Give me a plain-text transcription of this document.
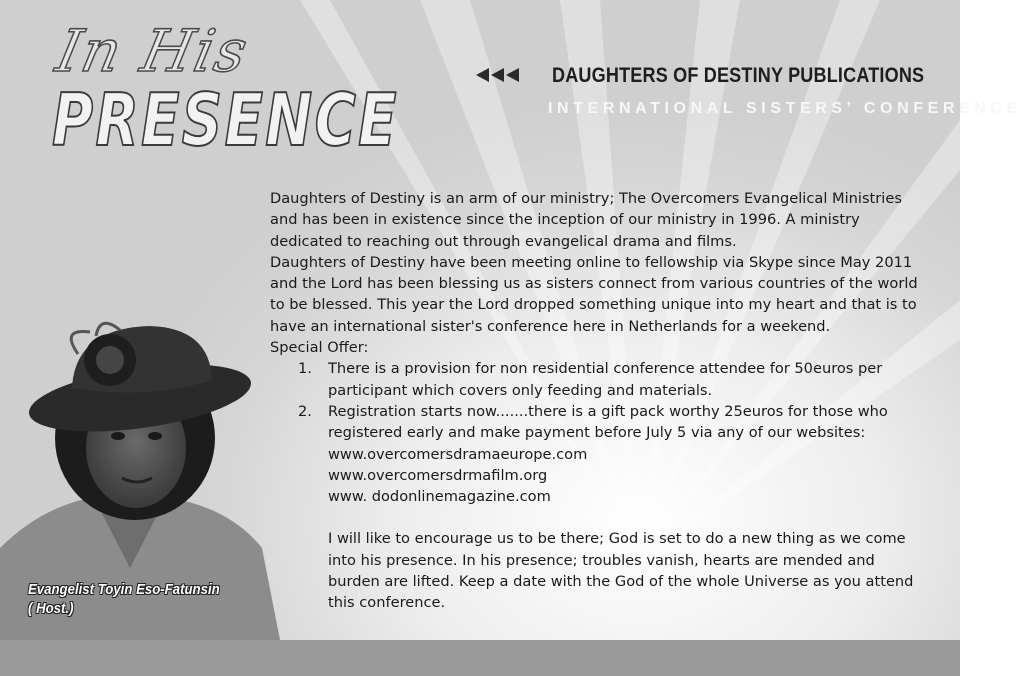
In His
PRESENCE
DAUGHTERS OF DESTINY PUBLICATIONS
INTERNATIONAL SISTERS’ CONFERENCE

Daughters of Destiny is an arm of our ministry; The Overcomers Evangelical Ministries and has been in existence since the inception of our ministry in 1996. A ministry dedicated to reaching out through evangelical drama and films.

Daughters of Destiny have been meeting online to fellowship via Skype since May 2011 and the Lord has been blessing us as sisters connect from various countries of the world to be blessed. This year the Lord dropped something unique into my heart and that is to have an international sister's conference here in Netherlands for a weekend.

Special Offer:

1. There is a provision for non residential conference attendee for 50euros per participant which covers only feeding and materials.
2. Registration starts now.......there is a gift pack worthy 25euros for those who registered early and make payment before July 5 via any of our websites:
www.overcomersdramaeurope.com
www.overcomersdrmafilm.org
www. dodonlinemagazine.com

I will like to encourage us to be there; God is set to do a new thing as we come into his presence. In his presence; troubles vanish, hearts are mended and burden are lifted. Keep a date with the God of the whole Universe as you attend this conference.

Evangelist Toyin Eso-Fatunsin
( Host.)
